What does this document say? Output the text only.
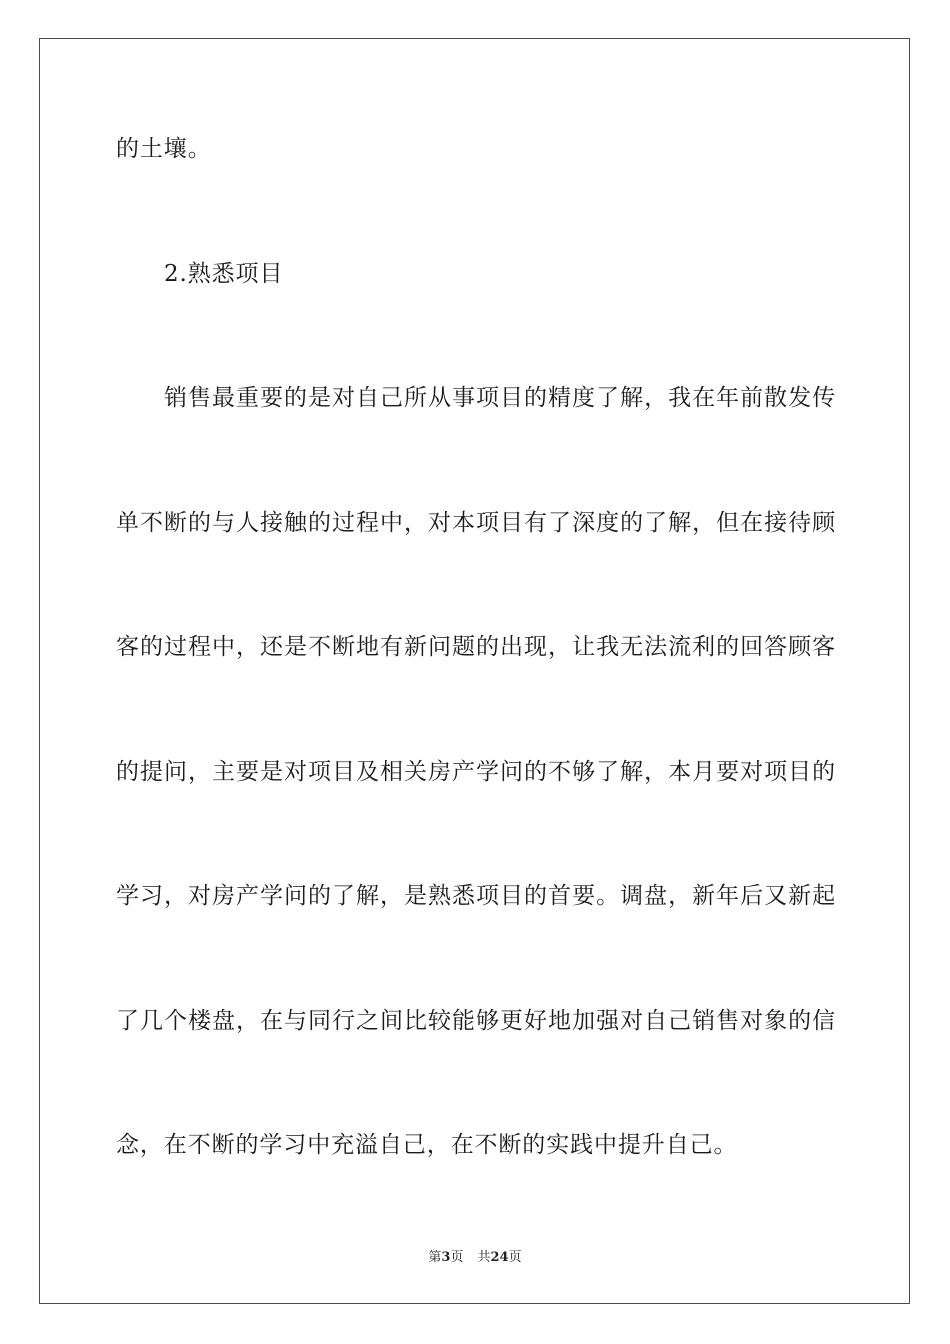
的土壤。
2.熟悉项目
销售最重要的是对自己所从事项目的精度了解，我在年前散发传
单不断的与人接触的过程中，对本项目有了深度的了解，但在接待顾
客的过程中，还是不断地有新问题的出现，让我无法流利的回答顾客
的提问，主要是对项目及相关房产学问的不够了解，本月要对项目的
学习，对房产学问的了解，是熟悉项目的首要。调盘，新年后又新起
了几个楼盘，在与同行之间比较能够更好地加强对自己销售对象的信
念，在不断的学习中充溢自己，在不断的实践中提升自己。
第3页 共24页
